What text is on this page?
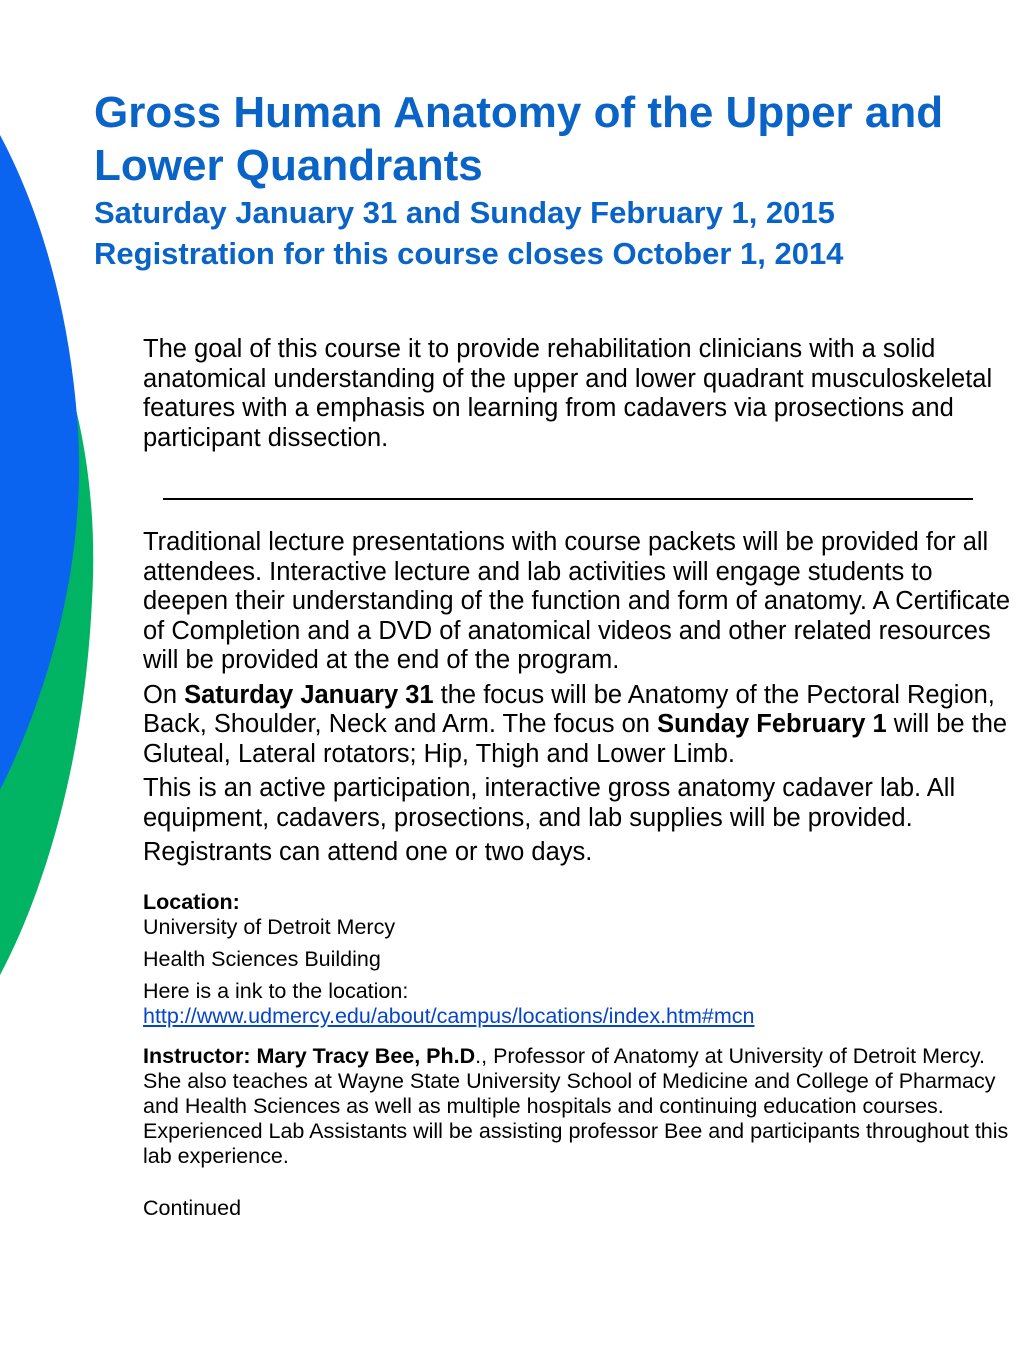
Gross Human Anatomy of the Upper and Lower Quandrants

Saturday January 31 and Sunday February 1, 2015

Registration for this course closes October 1, 2014

The goal of this course it to provide rehabilitation clinicians with a solid anatomical understanding of the upper and lower quadrant musculoskeletal features with a emphasis on learning from cadavers via prosections and participant dissection.

Traditional lecture presentations with course packets will be provided for all attendees. Interactive lecture and lab activities will engage students to deepen their understanding of the function and form of anatomy. A Certificate of Completion and a DVD of anatomical videos and other related resources will be provided at the end of the program.

On Saturday January 31 the focus will be Anatomy of the Pectoral Region, Back, Shoulder, Neck and Arm. The focus on Sunday February 1 will be the Gluteal, Lateral rotators; Hip, Thigh and Lower Limb.

This is an active participation, interactive gross anatomy cadaver lab. All equipment, cadavers, prosections, and lab supplies will be provided.

Registrants can attend one or two days.

Location:
University of Detroit Mercy
Health Sciences Building
Here is a ink to the location:
http://www.udmercy.edu/about/campus/locations/index.htm#mcn

Instructor: Mary Tracy Bee, Ph.D., Professor of Anatomy at University of Detroit Mercy. She also teaches at Wayne State University School of Medicine and College of Pharmacy and Health Sciences as well as multiple hospitals and continuing education courses. Experienced Lab Assistants will be assisting professor Bee and participants throughout this lab experience.

Continued
